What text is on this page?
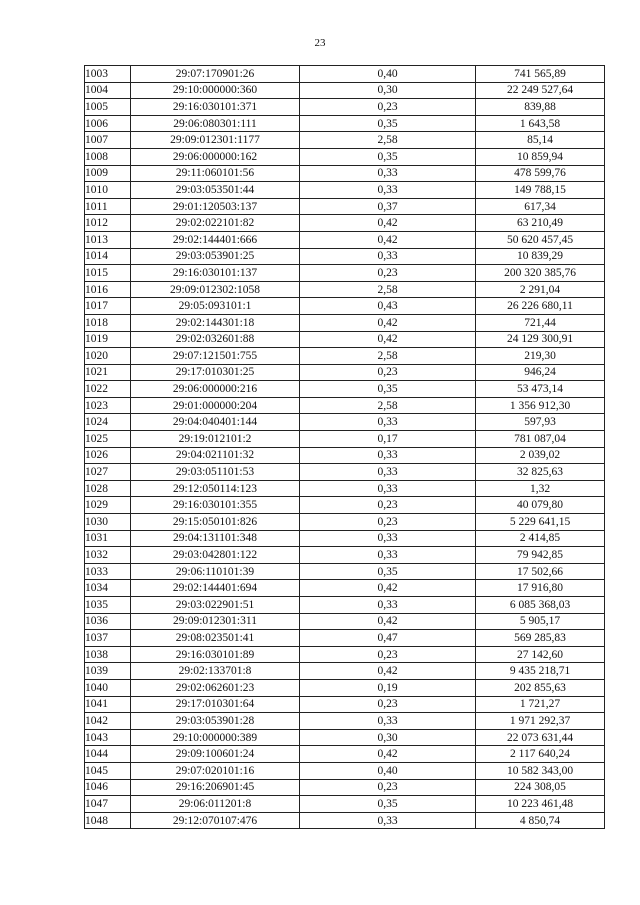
23
1003	29:07:170901:26	0,40	741 565,89
1004	29:10:000000:360	0,30	22 249 527,64
1005	29:16:030101:371	0,23	839,88
1006	29:06:080301:111	0,35	1 643,58
1007	29:09:012301:1177	2,58	85,14
1008	29:06:000000:162	0,35	10 859,94
1009	29:11:060101:56	0,33	478 599,76
1010	29:03:053501:44	0,33	149 788,15
1011	29:01:120503:137	0,37	617,34
1012	29:02:022101:82	0,42	63 210,49
1013	29:02:144401:666	0,42	50 620 457,45
1014	29:03:053901:25	0,33	10 839,29
1015	29:16:030101:137	0,23	200 320 385,76
1016	29:09:012302:1058	2,58	2 291,04
1017	29:05:093101:1	0,43	26 226 680,11
1018	29:02:144301:18	0,42	721,44
1019	29:02:032601:88	0,42	24 129 300,91
1020	29:07:121501:755	2,58	219,30
1021	29:17:010301:25	0,23	946,24
1022	29:06:000000:216	0,35	53 473,14
1023	29:01:000000:204	2,58	1 356 912,30
1024	29:04:040401:144	0,33	597,93
1025	29:19:012101:2	0,17	781 087,04
1026	29:04:021101:32	0,33	2 039,02
1027	29:03:051101:53	0,33	32 825,63
1028	29:12:050114:123	0,33	1,32
1029	29:16:030101:355	0,23	40 079,80
1030	29:15:050101:826	0,23	5 229 641,15
1031	29:04:131101:348	0,33	2 414,85
1032	29:03:042801:122	0,33	79 942,85
1033	29:06:110101:39	0,35	17 502,66
1034	29:02:144401:694	0,42	17 916,80
1035	29:03:022901:51	0,33	6 085 368,03
1036	29:09:012301:311	0,42	5 905,17
1037	29:08:023501:41	0,47	569 285,83
1038	29:16:030101:89	0,23	27 142,60
1039	29:02:133701:8	0,42	9 435 218,71
1040	29:02:062601:23	0,19	202 855,63
1041	29:17:010301:64	0,23	1 721,27
1042	29:03:053901:28	0,33	1 971 292,37
1043	29:10:000000:389	0,30	22 073 631,44
1044	29:09:100601:24	0,42	2 117 640,24
1045	29:07:020101:16	0,40	10 582 343,00
1046	29:16:206901:45	0,23	224 308,05
1047	29:06:011201:8	0,35	10 223 461,48
1048	29:12:070107:476	0,33	4 850,74
